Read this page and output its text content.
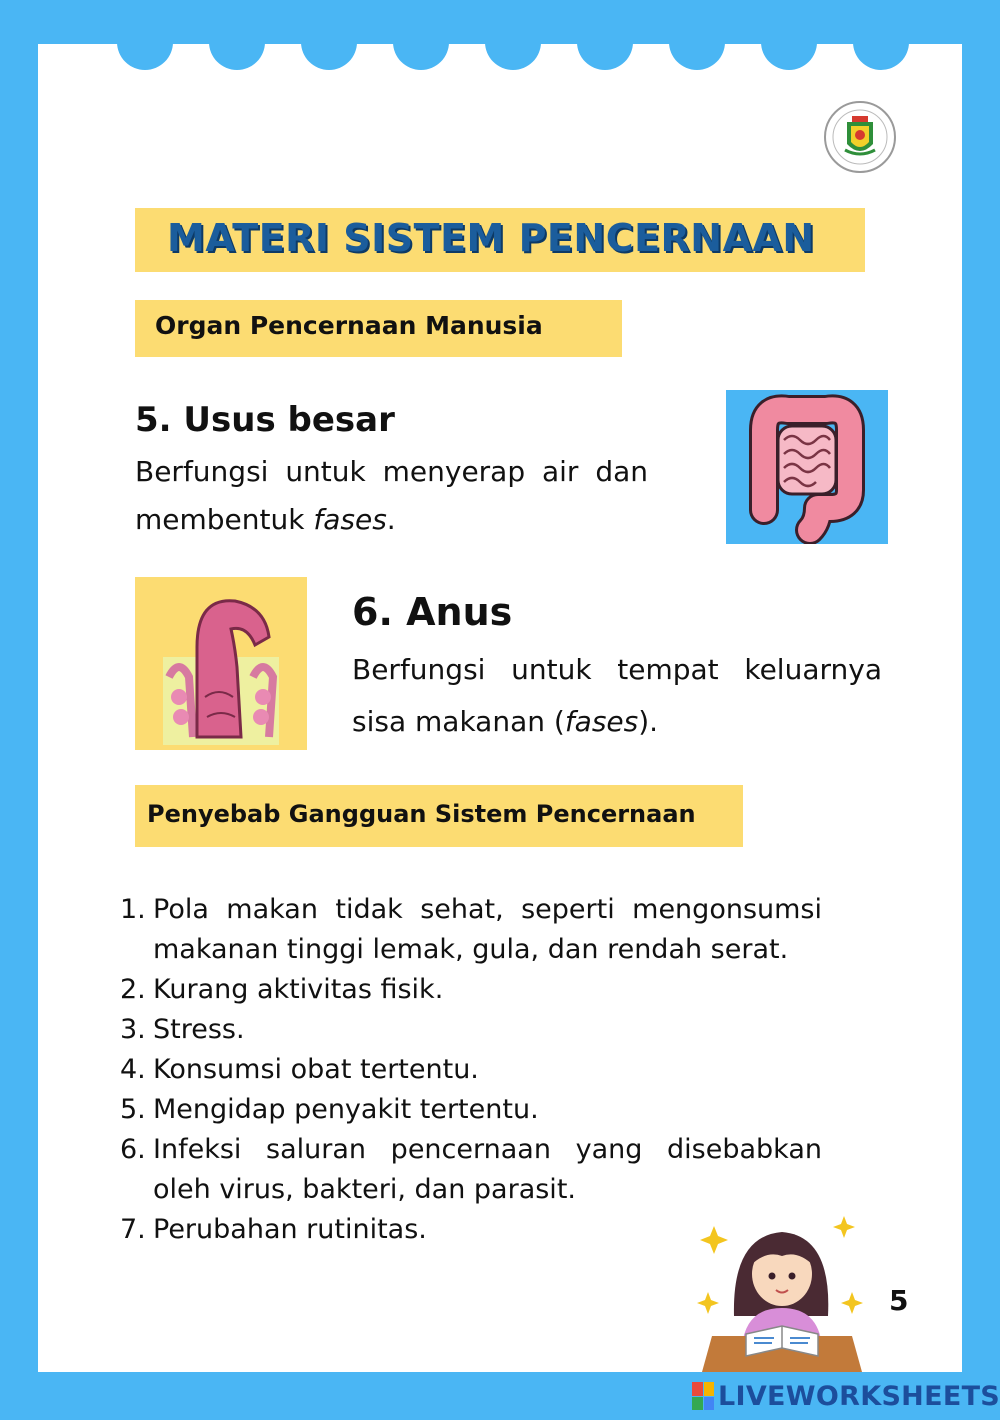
MATERI SISTEM PENCERNAAN
Organ Pencernaan Manusia
5. Usus besar
Berfungsi untuk menyerap air dan membentuk fases.
6. Anus
Berfungsi untuk tempat keluarnya sisa makanan (fases).
Penyebab Gangguan Sistem Pencernaan
1. Pola makan tidak sehat, seperti mengonsumsi makanan tinggi lemak, gula, dan rendah serat.
2. Kurang aktivitas fisik.
3. Stress.
4. Konsumsi obat tertentu.
5. Mengidap penyakit tertentu.
6. Infeksi saluran pencernaan yang disebabkan oleh virus, bakteri, dan parasit.
7. Perubahan rutinitas.
5
LIVEWORKSHEETS
